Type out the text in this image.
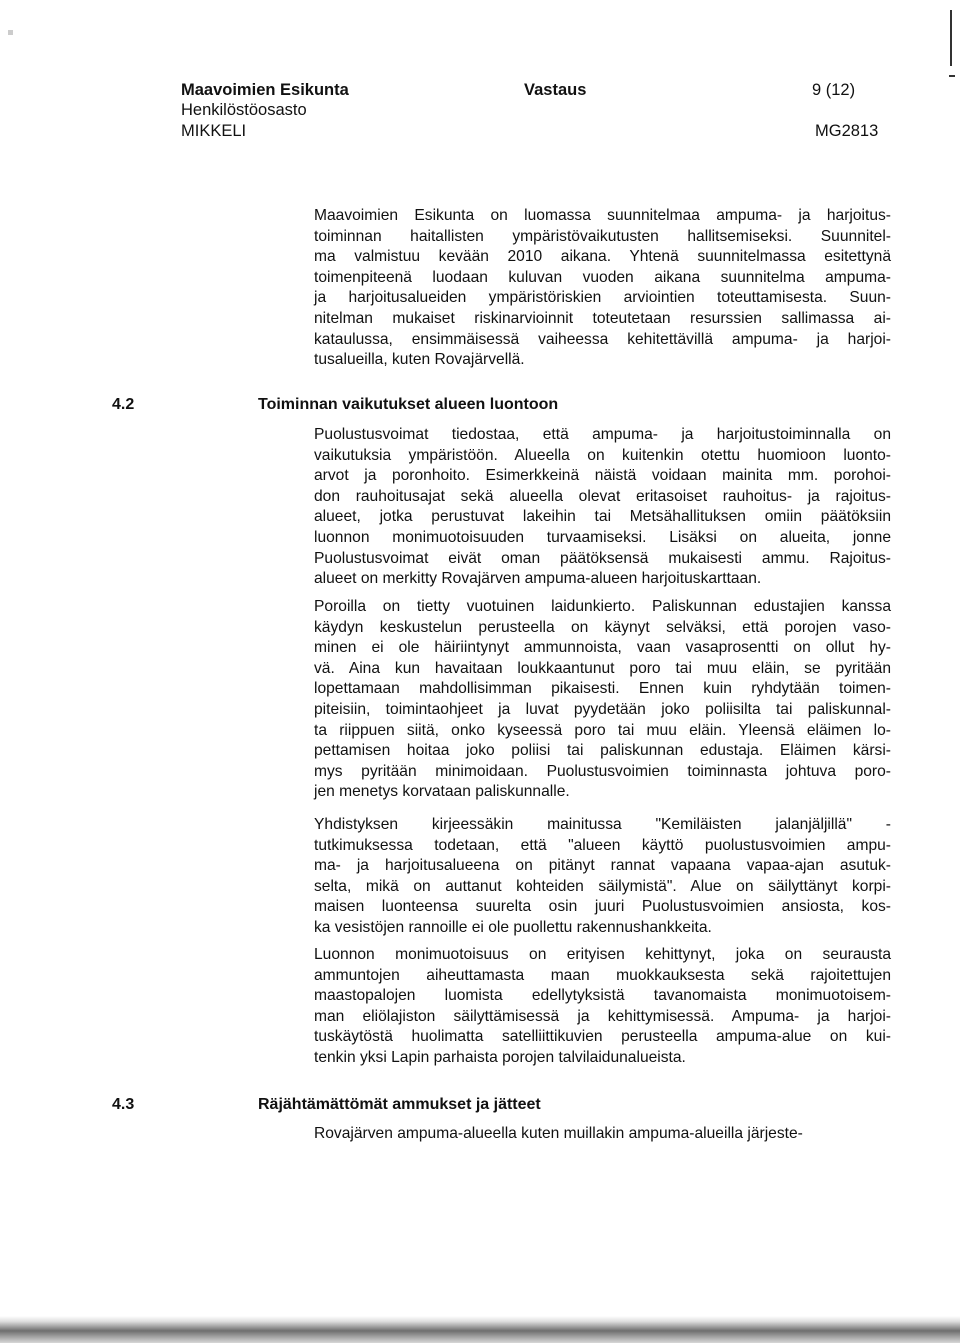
Maavoimien Esikunta
Henkilöstöosasto
MIKKELI
Vastaus	9 (12)
MG2813
Maavoimien Esikunta on luomassa suunnitelmaa ampuma- ja harjoitus-
toiminnan haitallisten ympäristövaikutusten hallitsemiseksi. Suunnitel-
ma valmistuu kevään 2010 aikana. Yhtenä suunnitelmassa esitettynä
toimenpiteenä luodaan kuluvan vuoden aikana suunnitelma ampuma-
ja harjoitusalueiden ympäristöriskien arviointien toteuttamisesta. Suun-
nitelman mukaiset riskinarvioinnit toteutetaan resurssien sallimassa ai-
kataulussa, ensimmäisessä vaiheessa kehitettävillä ampuma- ja harjoi-
tusalueilla, kuten Rovajärvellä.
4.2	Toiminnan vaikutukset alueen luontoon
Puolustusvoimat tiedostaa, että ampuma- ja harjoitustoiminnalla on
vaikutuksia ympäristöön. Alueella on kuitenkin otettu huomioon luonto-
arvot ja poronhoito. Esimerkkeinä näistä voidaan mainita mm. porohoi-
don rauhoitusajat sekä alueella olevat eritasoiset rauhoitus- ja rajoitus-
alueet, jotka perustuvat lakeihin tai Metsähallituksen omiin päätöksiin
luonnon monimuotoisuuden turvaamiseksi. Lisäksi on alueita, jonne
Puolustusvoimat eivät oman päätöksensä mukaisesti ammu. Rajoitus-
alueet on merkitty Rovajärven ampuma-alueen harjoituskarttaan.
Poroilla on tietty vuotuinen laidunkierto. Paliskunnan edustajien kanssa
käydyn keskustelun perusteella on käynyt selväksi, että porojen vaso-
minen ei ole häiriintynyt ammunnoista, vaan vasaprosentti on ollut hy-
vä. Aina kun havaitaan loukkaantunut poro tai muu eläin, se pyritään
lopettamaan mahdollisimman pikaisesti. Ennen kuin ryhdytään toimen-
piteisiin, toimintaohjeet ja luvat pyydetään joko poliisilta tai paliskunnal-
ta riippuen siitä, onko kyseessä poro tai muu eläin. Yleensä eläimen lo-
pettamisen hoitaa joko poliisi tai paliskunnan edustaja. Eläimen kärsi-
mys pyritään minimoidaan. Puolustusvoimien toiminnasta johtuva poro-
jen menetys korvataan paliskunnalle.
Yhdistyksen kirjeessäkin mainitussa "Kemiläisten jalanjäljillä" -
tutkimuksessa todetaan, että "alueen käyttö puolustusvoimien ampu-
ma- ja harjoitusalueena on pitänyt rannat vapaana vapaa-ajan asutuk-
selta, mikä on auttanut kohteiden säilymistä". Alue on säilyttänyt korpi-
maisen luonteensa suurelta osin juuri Puolustusvoimien ansiosta, kos-
ka vesistöjen rannoille ei ole puollettu rakennushankkeita.
Luonnon monimuotoisuus on erityisen kehittynyt, joka on seurausta
ammuntojen aiheuttamasta maan muokkauksesta sekä rajoitettujen
maastopalojen luomista edellytyksistä tavanomaista monimuotoisem-
man eliölajiston säilyttämisessä ja kehittymisessä. Ampuma- ja harjoi-
tuskäytöstä huolimatta satelliittikuvien perusteella ampuma-alue on kui-
tenkin yksi Lapin parhaista porojen talvilaidunalueista.
4.3	Räjähtämättömät ammukset ja jätteet
Rovajärven ampuma-alueella kuten muillakin ampuma-alueilla järjeste-
